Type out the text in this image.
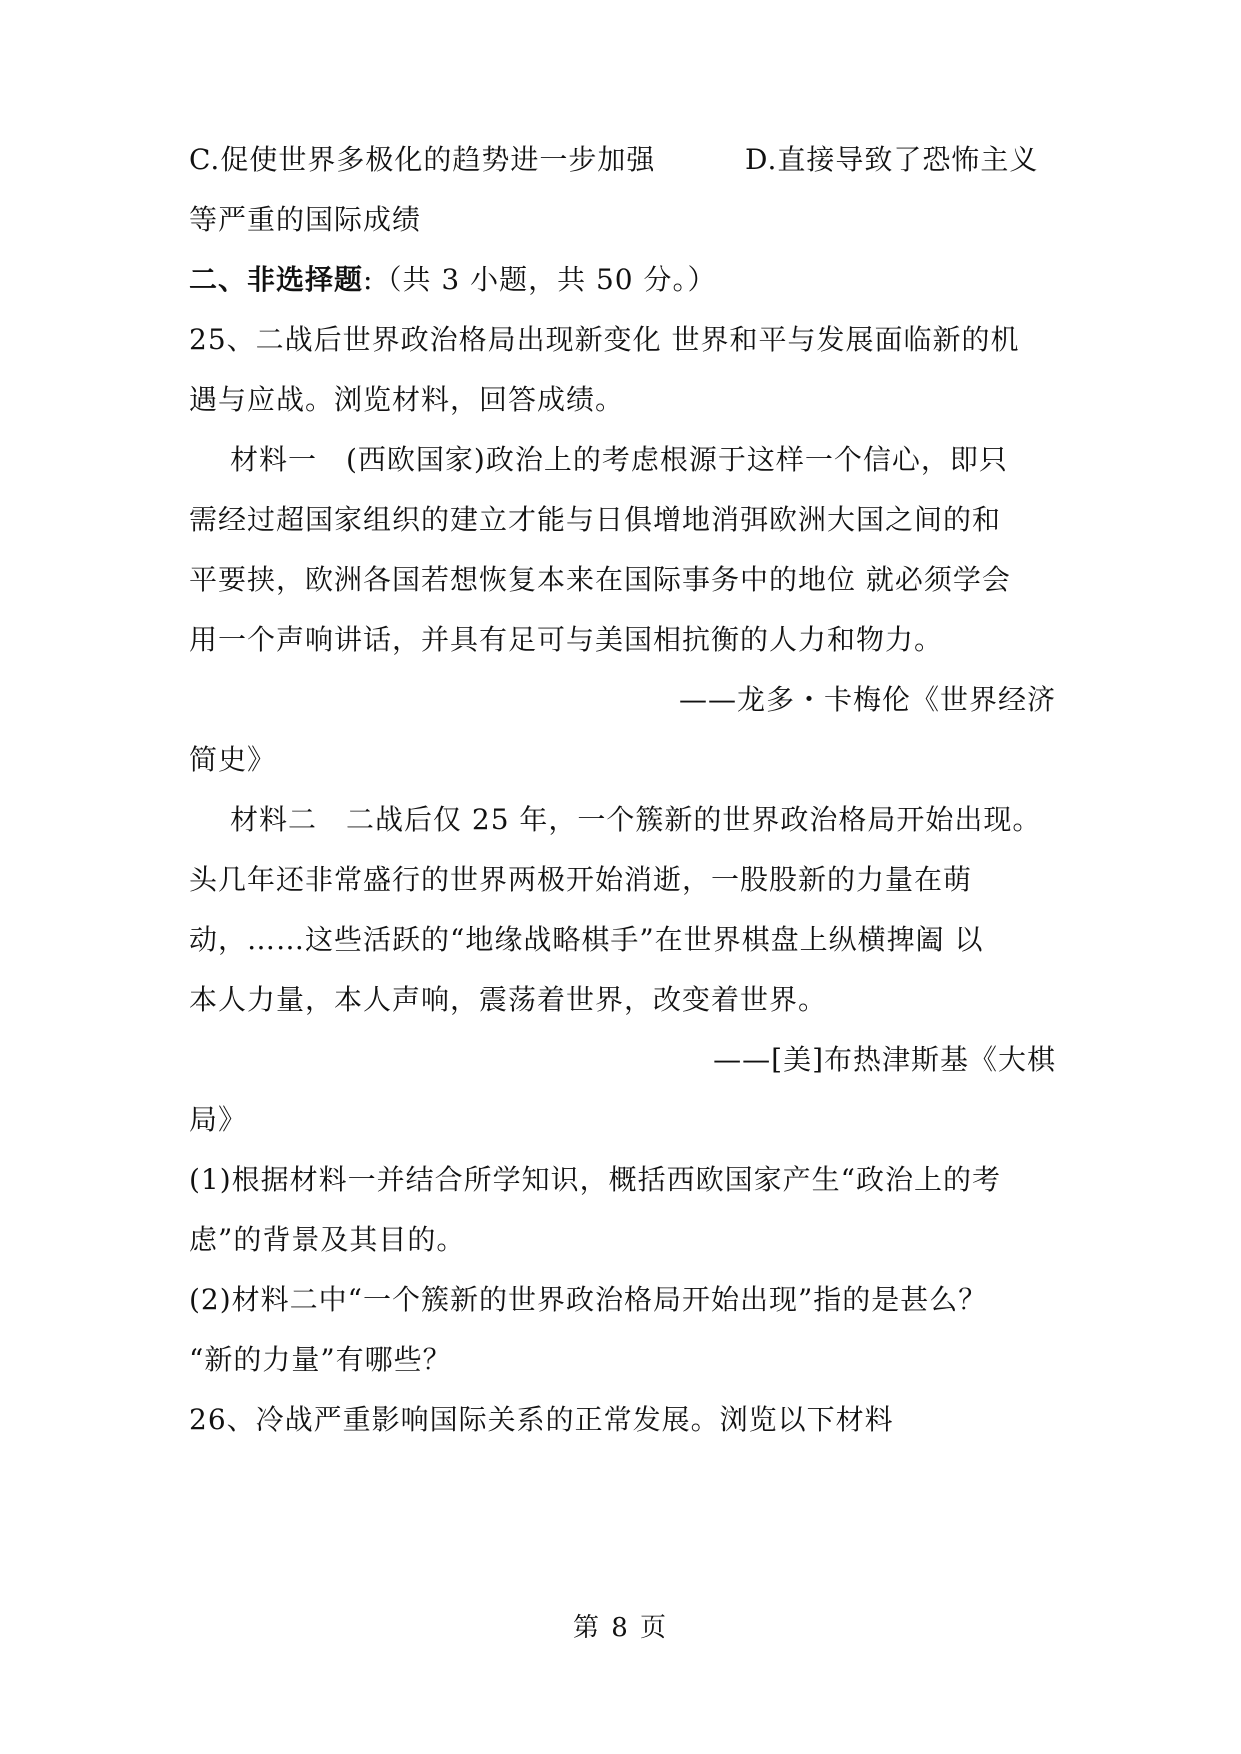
C.促使世界多极化的趋势进一步加强	D.直接导致了恐怖主义
等严重的国际成绩
二、非选择题:（共 3 小题，共 50 分。）
25、二战后世界政治格局出现新变化 世界和平与发展面临新的机
遇与应战。浏览材料，回答成绩。
材料一　(西欧国家)政治上的考虑根源于这样一个信心，即只
需经过超国家组织的建立才能与日俱增地消弭欧洲大国之间的和
平要挟，欧洲各国若想恢复本来在国际事务中的地位 就必须学会
用一个声响讲话，并具有足可与美国相抗衡的人力和物力。
——龙多・卡梅伦《世界经济
简史》
材料二　二战后仅 25 年，一个簇新的世界政治格局开始出现。
头几年还非常盛行的世界两极开始消逝，一股股新的力量在萌
动，……这些活跃的“地缘战略棋手”在世界棋盘上纵横捭阖 以
本人力量，本人声响，震荡着世界，改变着世界。
——[美]布热津斯基《大棋
局》
(1)根据材料一并结合所学知识，概括西欧国家产生“政治上的考
虑”的背景及其目的。
(2)材料二中“一个簇新的世界政治格局开始出现”指的是甚么？
“新的力量”有哪些？
26、冷战严重影响国际关系的正常发展。浏览以下材料
第 8 页
